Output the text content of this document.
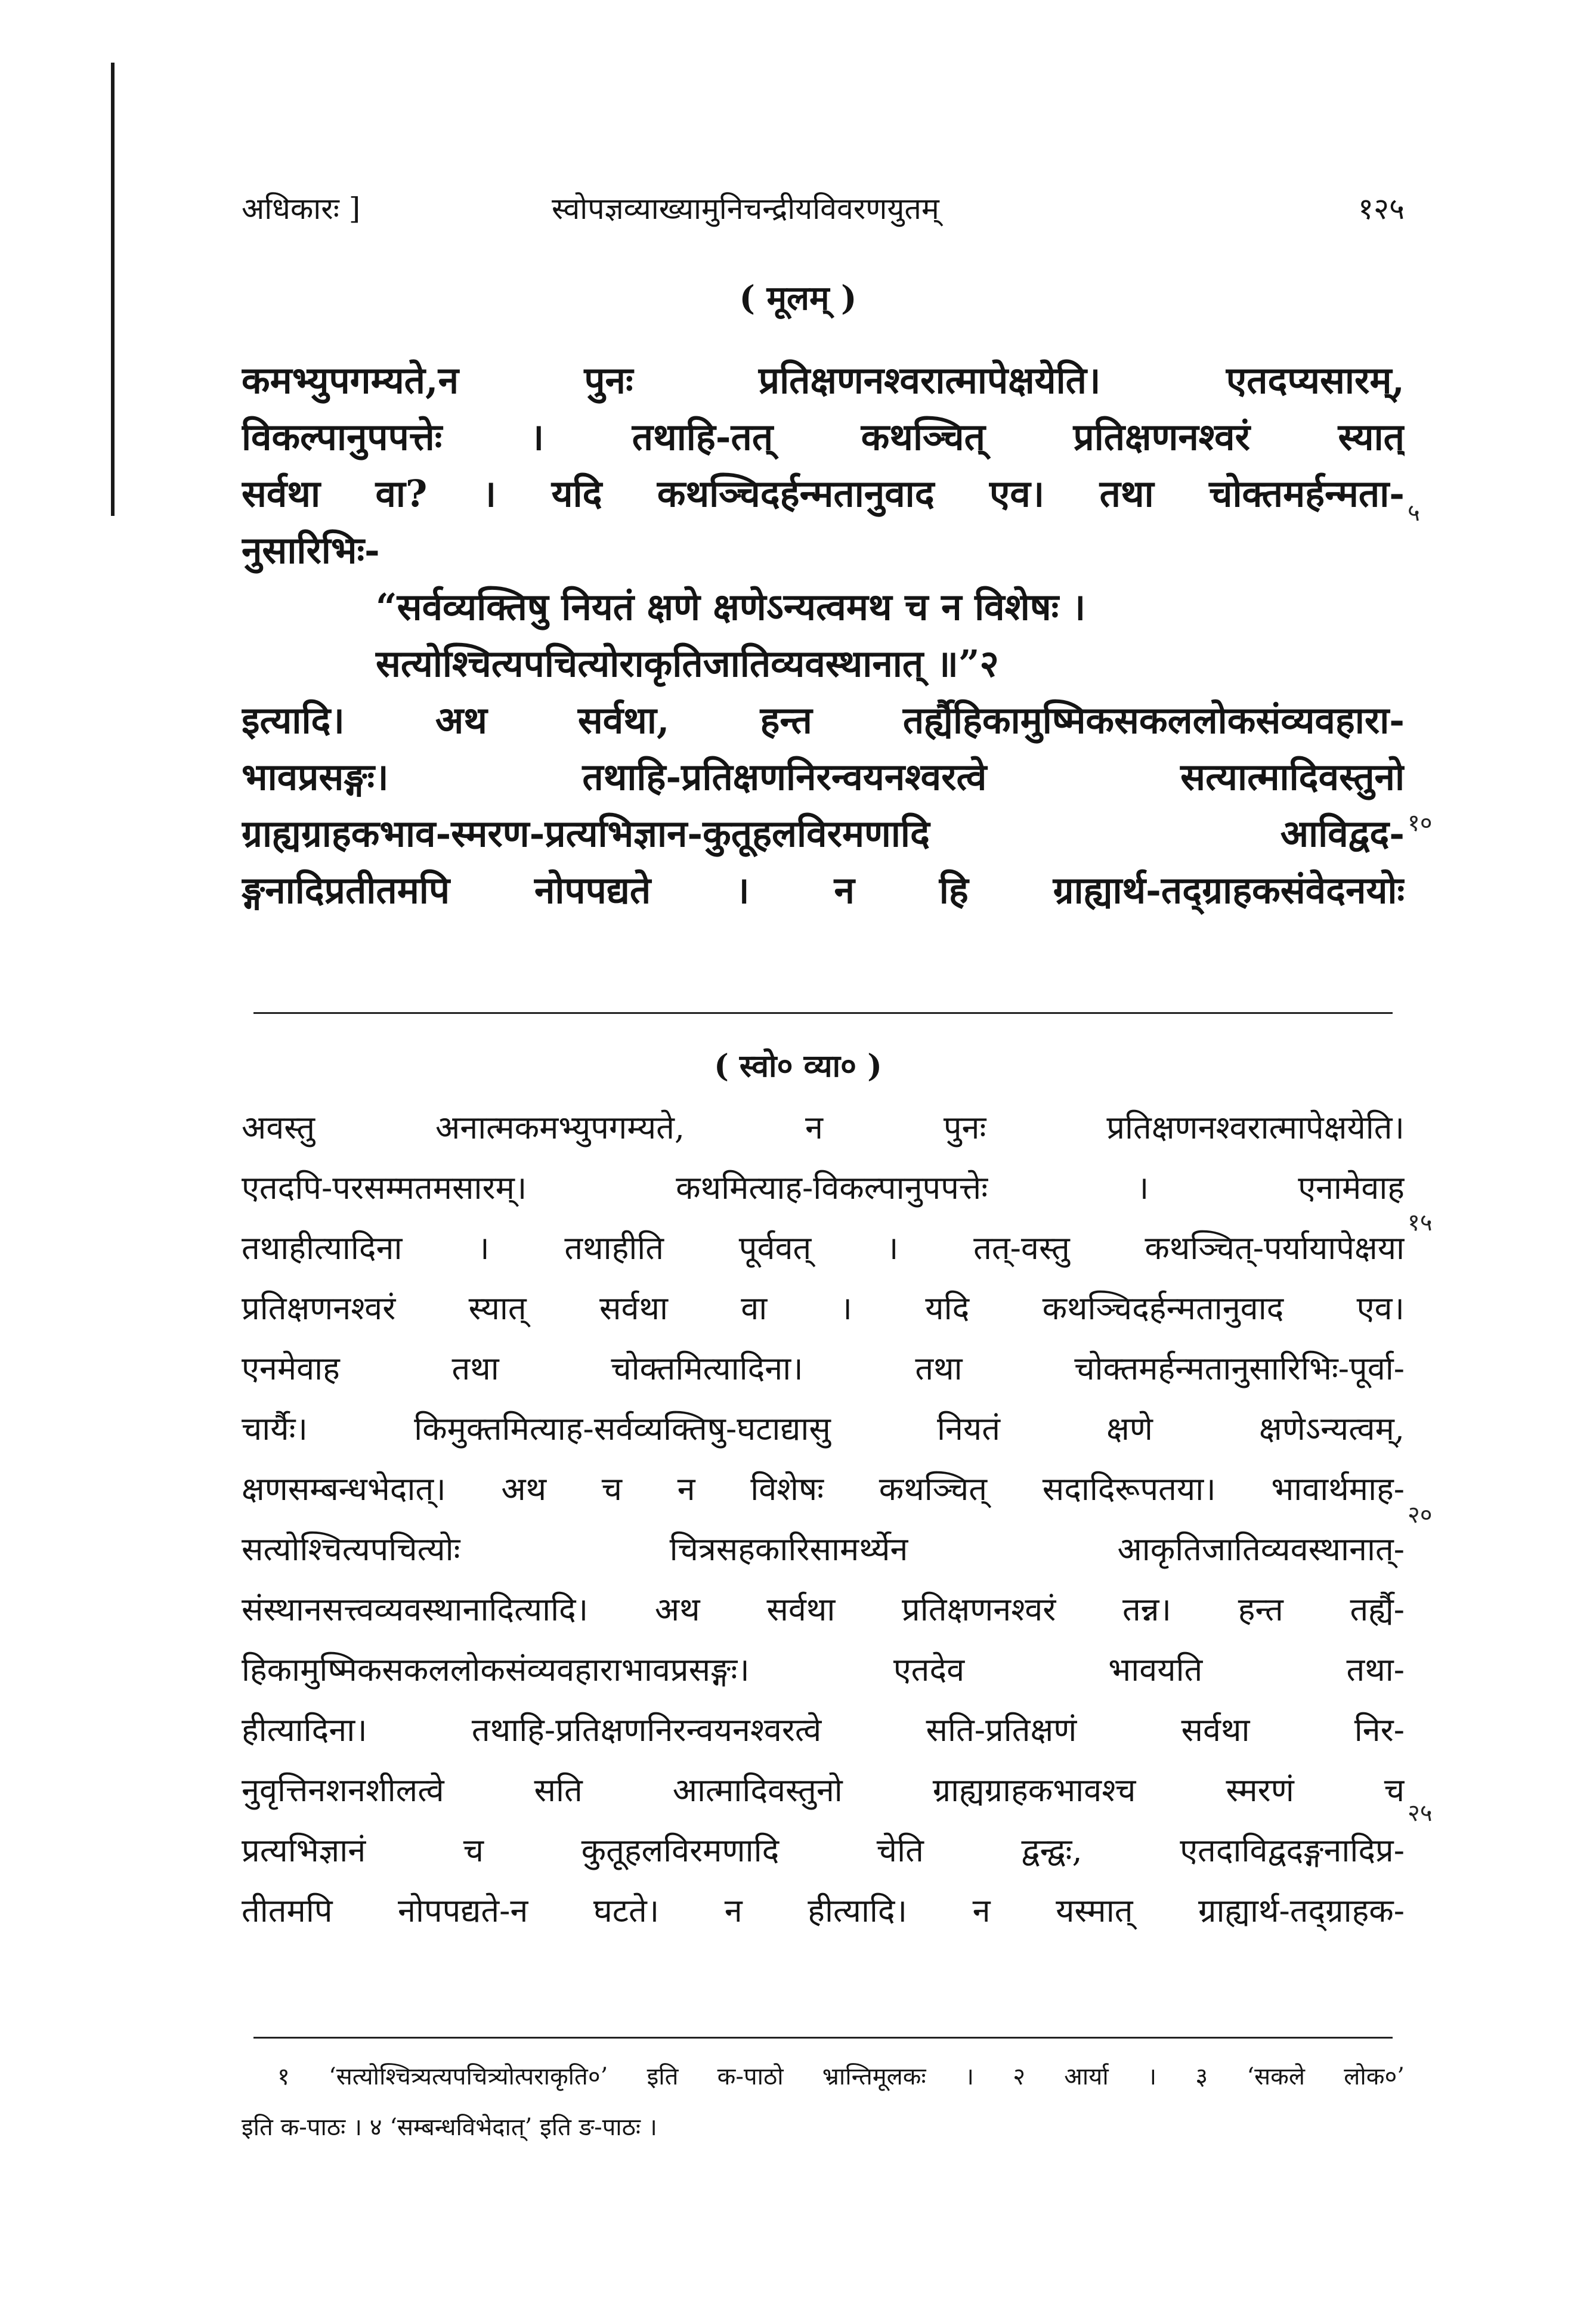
अधिकारः ]	स्वोपज्ञव्याख्यामुनिचन्द्रीयविवरणयुतम्	१२५
( मूलम् )
कमभ्युपगम्यते,न पुनः प्रतिक्षणनश्वरात्मापेक्षयेति। एतदप्यसारम्,
विकल्पानुपपत्तेः । तथाहि-तत् कथञ्चित् प्रतिक्षणनश्वरं स्यात्
सर्वथा वा? । यदि कथञ्चिदर्हन्मतानुवाद एव। तथा चोक्तमर्हन्मता-
नुसारिभिः-
“सर्वव्यक्तिषु नियतं क्षणे क्षणेऽन्यत्वमथ च न विशेषः ।
सत्योश्चित्यपचित्योराकृतिजातिव्यवस्थानात् ॥”२
इत्यादि। अथ सर्वथा, हन्त तर्ह्यैहिकामुष्मिकसकललोकसंव्यवहारा-
भावप्रसङ्गः। तथाहि-प्रतिक्षणनिरन्वयनश्वरत्वे सत्यात्मादिवस्तुनो
ग्राह्यग्राहकभाव-स्मरण-प्रत्यभिज्ञान-कुतूहलविरमणादि आविद्वद-
ङ्गनादिप्रतीतमपि नोपपद्यते । न हि ग्राह्यार्थ-तद्ग्राहकसंवेदनयोः
( स्वो० व्या० )
अवस्तु अनात्मकमभ्युपगम्यते, न पुनः प्रतिक्षणनश्वरात्मापेक्षयेति।
एतदपि-परसम्मतमसारम्। कथमित्याह-विकल्पानुपपत्तेः । एनामेवाह
तथाहीत्यादिना । तथाहीति पूर्ववत् । तत्-वस्तु कथञ्चित्-पर्यायापेक्षया
प्रतिक्षणनश्वरं स्यात् सर्वथा वा । यदि कथञ्चिदर्हन्मतानुवाद एव।
एनमेवाह तथा चोक्तमित्यादिना। तथा चोक्तमर्हन्मतानुसारिभिः-पूर्वा-
चार्यैः। किमुक्तमित्याह-सर्वव्यक्तिषु-घटाद्यासु नियतं क्षणे क्षणेऽन्यत्वम्,
क्षणसम्बन्धभेदात्। अथ च न विशेषः कथञ्चित् सदादिरूपतया। भावार्थमाह-
सत्योश्चित्यपचित्योः चित्रसहकारिसामर्थ्येन आकृतिजातिव्यवस्थानात्-
संस्थानसत्त्वव्यवस्थानादित्यादि। अथ सर्वथा प्रतिक्षणनश्वरं तन्न। हन्त तर्ह्यै-
हिकामुष्मिकसकललोकसंव्यवहाराभावप्रसङ्गः। एतदेव भावयति तथा-
हीत्यादिना। तथाहि-प्रतिक्षणनिरन्वयनश्वरत्वे सति-प्रतिक्षणं सर्वथा निर-
नुवृत्तिनशनशीलत्वे सति आत्मादिवस्तुनो ग्राह्यग्राहकभावश्च स्मरणं च
प्रत्यभिज्ञानं च कुतूहलविरमणादि चेति द्वन्द्वः, एतदाविद्वदङ्गनादिप्र-
तीतमपि नोपपद्यते-न घटते। न हीत्यादि। न यस्मात् ग्राह्यार्थ-तद्ग्राहक-
१ ‘सत्योश्चित्र्यत्यपचित्र्योत्पराकृति०’ इति क-पाठो भ्रान्तिमूलकः । २ आर्या । ३ ‘सकले लोक०’
इति क-पाठः । ४ ‘सम्बन्धविभेदात्’ इति ङ-पाठः ।
५
१०
१५
२०
२५
